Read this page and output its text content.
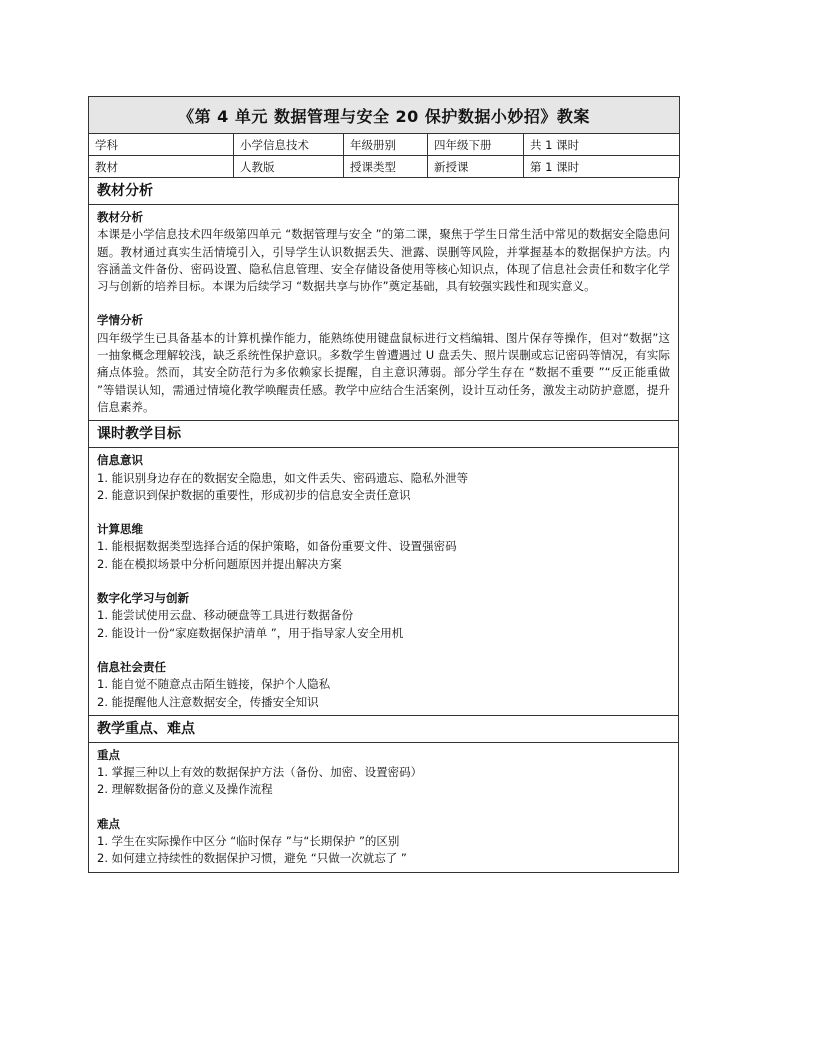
《第 4 单元 数据管理与安全 20 保护数据小妙招》教案				
学科	小学信息技术	年级册别	四年级下册	共 1 课时
教材	人教版	授课类型	新授课	第 1 课时
教材分析
教材分析
本课是小学信息技术四年级第四单元 “数据管理与安全 ”的第二课，聚焦于学生日常生活中常见的数据安全隐患问题。教材通过真实生活情境引入，引导学生认识数据丢失、泄露、误删等风险，并掌握基本的数据保护方法。内容涵盖文件备份、密码设置、隐私信息管理、安全存储设备使用等核心知识点，体现了信息社会责任和数字化学习与创新的培养目标。本课为后续学习 “数据共享与协作”奠定基础，具有较强实践性和现实意义。
学情分析
四年级学生已具备基本的计算机操作能力，能熟练使用键盘鼠标进行文档编辑、图片保存等操作，但对“数据”这一抽象概念理解较浅，缺乏系统性保护意识。多数学生曾遭遇过 U 盘丢失、照片误删或忘记密码等情况，有实际痛点体验。然而，其安全防范行为多依赖家长提醒，自主意识薄弱。部分学生存在 “数据不重要 ”“反正能重做 ”等错误认知，需通过情境化教学唤醒责任感。教学中应结合生活案例，设计互动任务，激发主动防护意愿，提升信息素养。
课时教学目标
信息意识
1. 能识别身边存在的数据安全隐患，如文件丢失、密码遗忘、隐私外泄等
2. 能意识到保护数据的重要性，形成初步的信息安全责任意识
计算思维
1. 能根据数据类型选择合适的保护策略，如备份重要文件、设置强密码
2. 能在模拟场景中分析问题原因并提出解决方案
数字化学习与创新
1. 能尝试使用云盘、移动硬盘等工具进行数据备份
2. 能设计一份“家庭数据保护清单 ”，用于指导家人安全用机
信息社会责任
1. 能自觉不随意点击陌生链接，保护个人隐私
2. 能提醒他人注意数据安全，传播安全知识
教学重点、难点
重点
1. 掌握三种以上有效的数据保护方法（备份、加密、设置密码）
2. 理解数据备份的意义及操作流程
难点
1. 学生在实际操作中区分 “临时保存 ”与“长期保护 ”的区别
2. 如何建立持续性的数据保护习惯，避免 “只做一次就忘了 ”
